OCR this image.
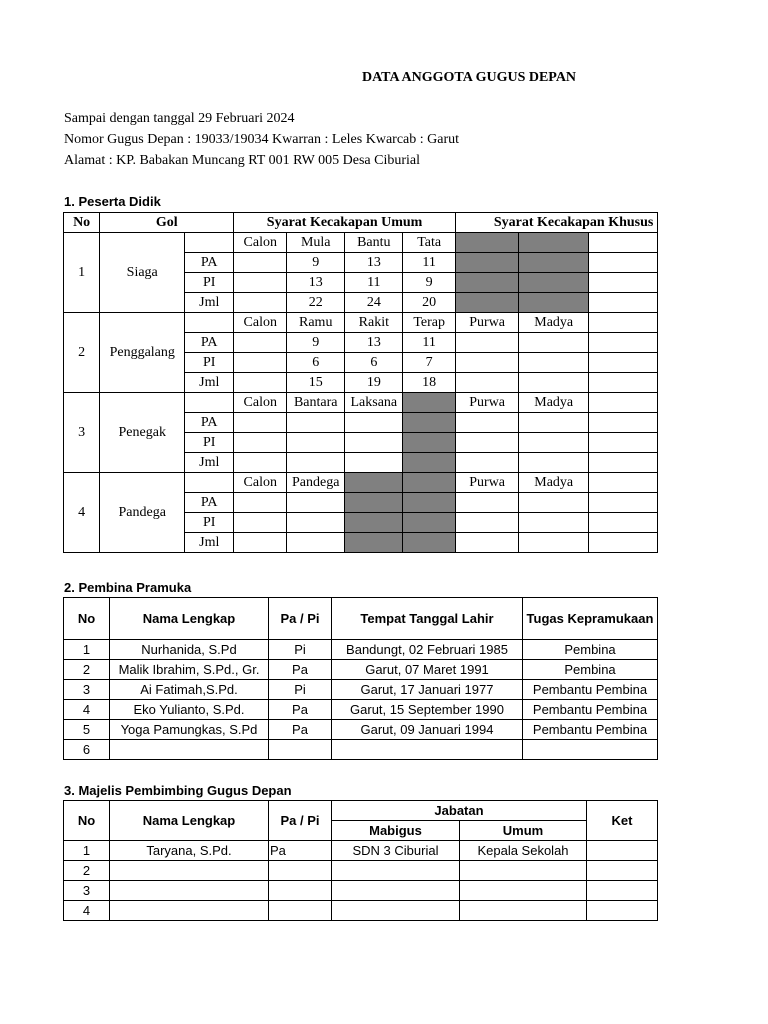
DATA ANGGOTA GUGUS DEPAN
Sampai dengan tanggal 29 Februari 2024
Nomor Gugus Depan : 19033/19034 Kwarran : Leles Kwarcab : Garut
Alamat : KP. Babakan Muncang RT 001 RW 005 Desa Ciburial
1. Peserta Didik
No	Gol		Syarat Kecakapan Umum				Syarat Kecakapan Khusus		
1	Siaga		Calon	Mula	Bantu	Tata			
		PA		9	13	11			
		PI		13	11	9			
		Jml		22	24	20			
2	Penggalang		Calon	Ramu	Rakit	Terap	Purwa	Madya	
		PA		9	13	11			
		PI		6	6	7			
		Jml		15	19	18			
3	Penegak		Calon	Bantara	Laksana		Purwa	Madya	
		PA							
		PI							
		Jml							
4	Pandega		Calon	Pandega			Purwa	Madya	
		PA							
		PI							
		Jml							
2. Pembina Pramuka
No	Nama Lengkap	Pa / Pi	Tempat Tanggal Lahir	Tugas Kepramukaan
1	Nurhanida, S.Pd	Pi	Bandungt, 02 Februari 1985	Pembina
2	Malik Ibrahim, S.Pd., Gr.	Pa	Garut, 07 Maret 1991	Pembina
3	Ai Fatimah,S.Pd.	Pi	Garut, 17 Januari 1977	Pembantu Pembina
4	Eko Yulianto, S.Pd.	Pa	Garut, 15 September 1990	Pembantu Pembina
5	Yoga Pamungkas, S.Pd	Pa	Garut, 09 Januari 1994	Pembantu Pembina
6				
3. Majelis Pembimbing Gugus Depan
No	Nama Lengkap	Pa / Pi	Jabatan		Ket
			Mabigus	Umum	
1	Taryana, S.Pd.	Pa	SDN 3 Ciburial	Kepala Sekolah	
2					
3					
4					
